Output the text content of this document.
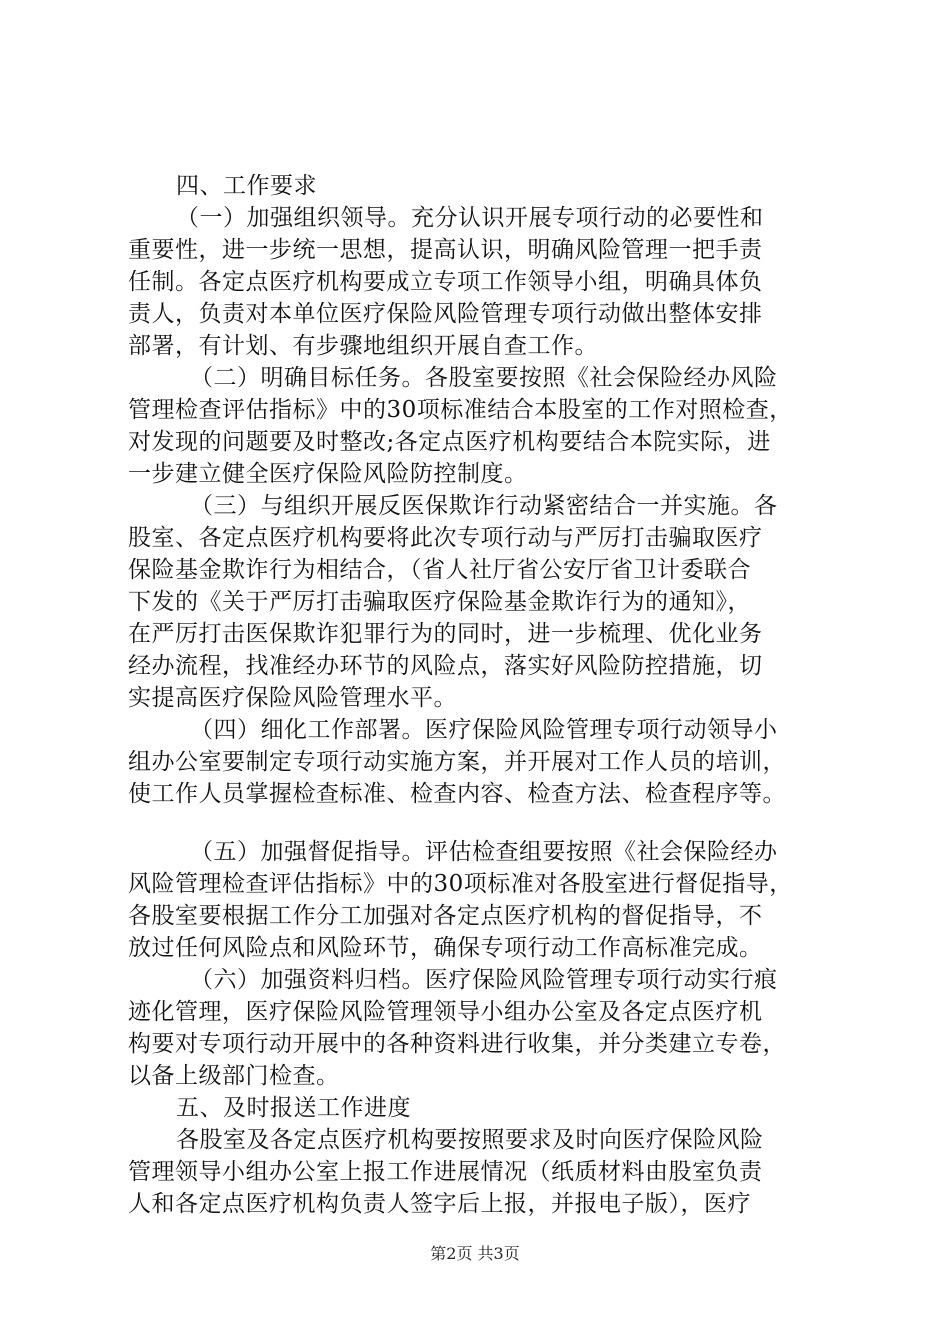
四、工作要求
（一）加强组织领导。充分认识开展专项行动的必要性和
重要性，进一步统一思想，提高认识，明确风险管理一把手责
任制。各定点医疗机构要成立专项工作领导小组，明确具体负
责人，负责对本单位医疗保险风险管理专项行动做出整体安排
部署，有计划、有步骤地组织开展自查工作。
（二）明确目标任务。各股室要按照《社会保险经办风险
管理检查评估指标》中的30项标准结合本股室的工作对照检查，
对发现的问题要及时整改;各定点医疗机构要结合本院实际，进
一步建立健全医疗保险风险防控制度。
（三）与组织开展反医保欺诈行动紧密结合一并实施。各
股室、各定点医疗机构要将此次专项行动与严厉打击骗取医疗
保险基金欺诈行为相结合，（省人社厅省公安厅省卫计委联合
下发的《关于严厉打击骗取医疗保险基金欺诈行为的通知》，
在严厉打击医保欺诈犯罪行为的同时，进一步梳理、优化业务
经办流程，找准经办环节的风险点，落实好风险防控措施，切
实提高医疗保险风险管理水平。
（四）细化工作部署。医疗保险风险管理专项行动领导小
组办公室要制定专项行动实施方案，并开展对工作人员的培训，
使工作人员掌握检查标准、检查内容、检查方法、检查程序等。
（五）加强督促指导。评估检查组要按照《社会保险经办
风险管理检查评估指标》中的30项标准对各股室进行督促指导，
各股室要根据工作分工加强对各定点医疗机构的督促指导，不
放过任何风险点和风险环节，确保专项行动工作高标准完成。
（六）加强资料归档。医疗保险风险管理专项行动实行痕
迹化管理，医疗保险风险管理领导小组办公室及各定点医疗机
构要对专项行动开展中的各种资料进行收集，并分类建立专卷，
以备上级部门检查。
五、及时报送工作进度
各股室及各定点医疗机构要按照要求及时向医疗保险风险
管理领导小组办公室上报工作进展情况（纸质材料由股室负责
人和各定点医疗机构负责人签字后上报，并报电子版），医疗
第2页 共3页
